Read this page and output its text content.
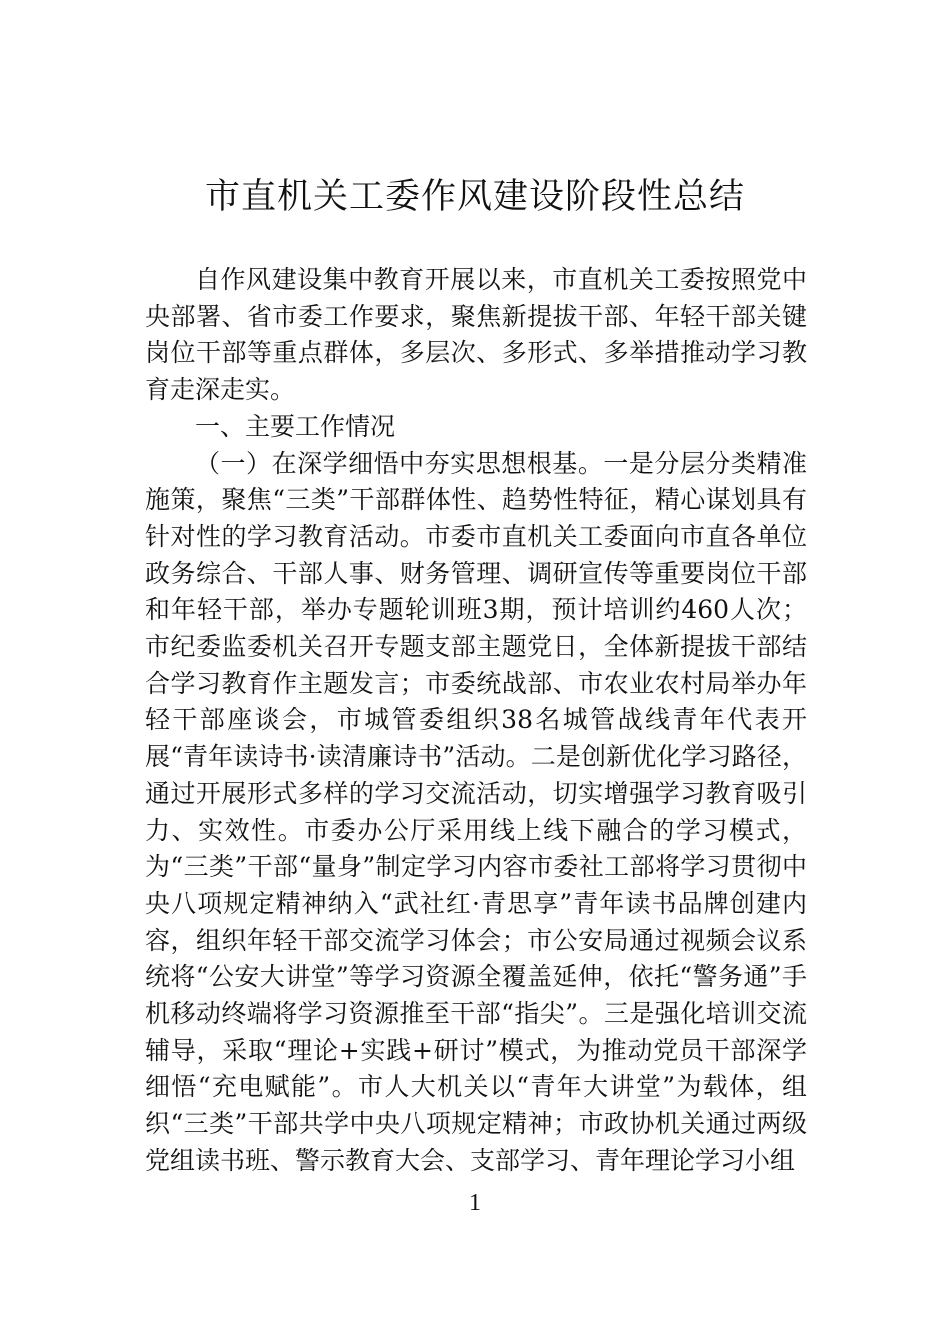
市直机关工委作风建设阶段性总结

自作风建设集中教育开展以来，市直机关工委按照党中央部署、省市委工作要求，聚焦新提拔干部、年轻干部关键岗位干部等重点群体，多层次、多形式、多举措推动学习教育走深走实。

一、主要工作情况

（一）在深学细悟中夯实思想根基。一是分层分类精准施策，聚焦“三类”干部群体性、趋势性特征，精心谋划具有针对性的学习教育活动。市委市直机关工委面向市直各单位政务综合、干部人事、财务管理、调研宣传等重要岗位干部和年轻干部，举办专题轮训班3期，预计培训约460人次；市纪委监委机关召开专题支部主题党日，全体新提拔干部结合学习教育作主题发言；市委统战部、市农业农村局举办年轻干部座谈会，市城管委组织38名城管战线青年代表开展“青年读诗书·读清廉诗书”活动。二是创新优化学习路径，通过开展形式多样的学习交流活动，切实增强学习教育吸引力、实效性。市委办公厅采用线上线下融合的学习模式，为“三类”干部“量身”制定学习内容市委社工部将学习贯彻中央八项规定精神纳入“武社红·青思享”青年读书品牌创建内容，组织年轻干部交流学习体会；市公安局通过视频会议系统将“公安大讲堂”等学习资源全覆盖延伸，依托“警务通”手机移动终端将学习资源推至干部“指尖”。三是强化培训交流辅导，采取“理论+实践+研讨”模式，为推动党员干部深学细悟“充电赋能”。市人大机关以“青年大讲堂”为载体，组织“三类”干部共学中央八项规定精神；市政协机关通过两级党组读书班、警示教育大会、支部学习、青年理论学习小组

1
